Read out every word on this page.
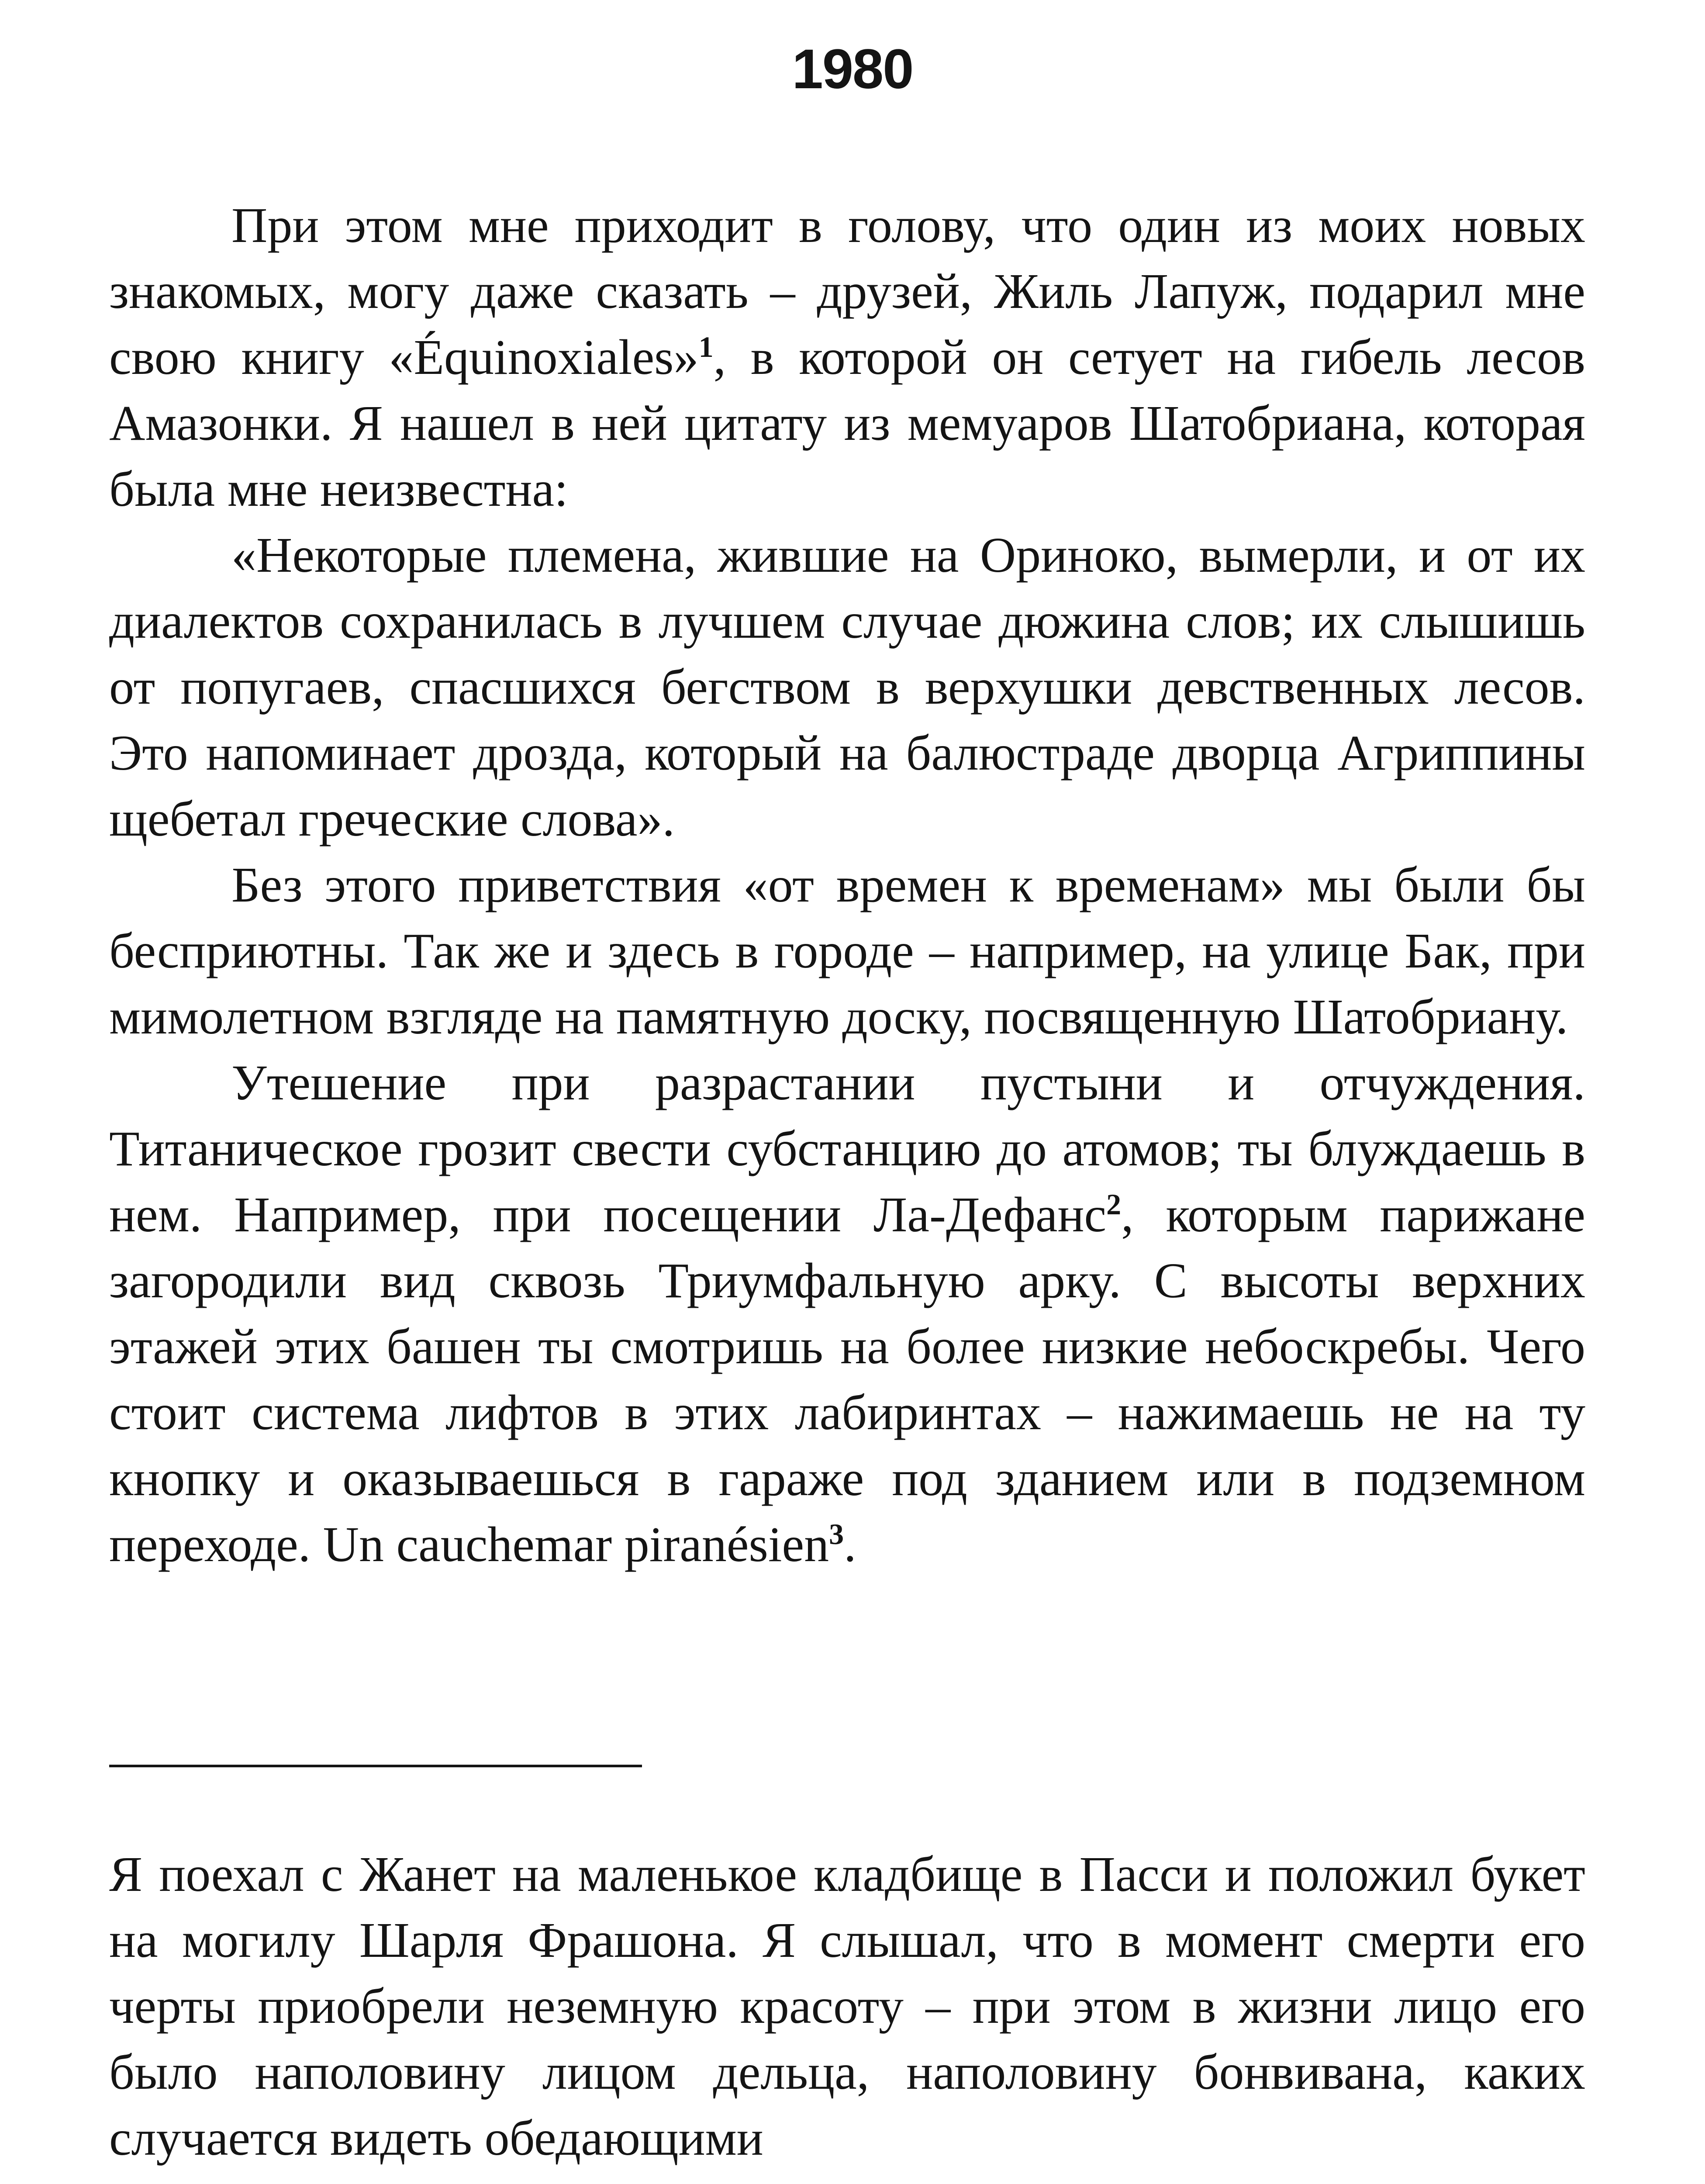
1980

При этом мне приходит в голову, что один из моих новых знакомых, могу даже сказать – друзей, Жиль Лапуж, подарил мне свою книгу «Équinoxiales»$^1$, в которой он сетует на гибель лесов Амазонки. Я нашел в ней цитату из мемуаров Шатобриана, которая была мне неизвестна:

«Некоторые племена, жившие на Ориноко, вымерли, и от их диалектов сохранилась в лучшем случае дюжина слов; их слышишь от попугаев, спасшихся бегством в верхушки девственных лесов. Это напоминает дрозда, который на балюстраде дворца Агриппины щебетал греческие слова».

Без этого приветствия «от времен к временам» мы были бы бесприютны. Так же и здесь в городе – например, на улице Бак, при мимолетном взгляде на памятную доску, посвященную Шатобриану.

Утешение при разрастании пустыни и отчуждения. Титаническое грозит свести субстанцию до атомов; ты блуждаешь в нем. Например, при посещении Ла-Дефанс$^2$, которым парижане загородили вид сквозь Триумфальную арку. С высоты верхних этажей этих башен ты смотришь на более низкие небоскребы. Чего стоит система лифтов в этих лабиринтах – нажимаешь не на ту кнопку и оказываешься в гараже под зданием или в подземном переходе. Un cauchemar piranésien$^3$.

Я поехал с Жанет на маленькое кладбище в Пасси и положил букет на могилу Шарля Фрашона. Я слышал, что в момент смерти его черты приобрели неземную красоту – при этом в жизни лицо его было наполовину лицом дельца, наполовину бонвивана, каких случается видеть обедающими
